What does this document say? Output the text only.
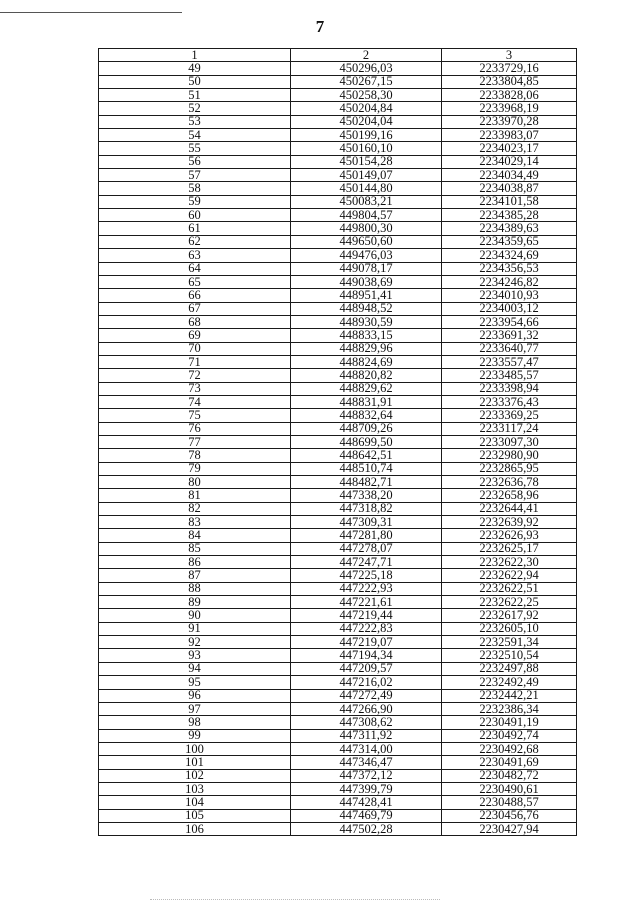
7
1	2	3
49	450296,03	2233729,16
50	450267,15	2233804,85
51	450258,30	2233828,06
52	450204,84	2233968,19
53	450204,04	2233970,28
54	450199,16	2233983,07
55	450160,10	2234023,17
56	450154,28	2234029,14
57	450149,07	2234034,49
58	450144,80	2234038,87
59	450083,21	2234101,58
60	449804,57	2234385,28
61	449800,30	2234389,63
62	449650,60	2234359,65
63	449476,03	2234324,69
64	449078,17	2234356,53
65	449038,69	2234246,82
66	448951,41	2234010,93
67	448948,52	2234003,12
68	448930,59	2233954,66
69	448833,15	2233691,32
70	448829,96	2233640,77
71	448824,69	2233557,47
72	448820,82	2233485,57
73	448829,62	2233398,94
74	448831,91	2233376,43
75	448832,64	2233369,25
76	448709,26	2233117,24
77	448699,50	2233097,30
78	448642,51	2232980,90
79	448510,74	2232865,95
80	448482,71	2232636,78
81	447338,20	2232658,96
82	447318,82	2232644,41
83	447309,31	2232639,92
84	447281,80	2232626,93
85	447278,07	2232625,17
86	447247,71	2232622,30
87	447225,18	2232622,94
88	447222,93	2232622,51
89	447221,61	2232622,25
90	447219,44	2232617,92
91	447222,83	2232605,10
92	447219,07	2232591,34
93	447194,34	2232510,54
94	447209,57	2232497,88
95	447216,02	2232492,49
96	447272,49	2232442,21
97	447266,90	2232386,34
98	447308,62	2230491,19
99	447311,92	2230492,74
100	447314,00	2230492,68
101	447346,47	2230491,69
102	447372,12	2230482,72
103	447399,79	2230490,61
104	447428,41	2230488,57
105	447469,79	2230456,76
106	447502,28	2230427,94
